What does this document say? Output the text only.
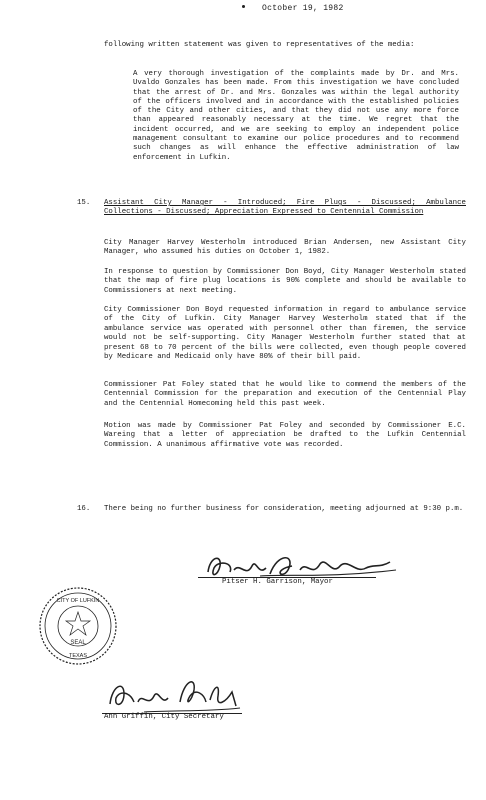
October 19, 1982
following written statement was given to representatives of the media:
A very thorough investigation of the complaints made by Dr. and Mrs. Uvaldo Gonzales has been made. From this investigation we have concluded that the arrest of Dr. and Mrs. Gonzales was within the legal authority of the officers involved and in accordance with the established policies of the City and other cities, and that they did not use any more force than appeared reasonably necessary at the time. We regret that the incident occurred, and we are seeking to employ an independent police management consultant to examine our police procedures and to recommend such changes as will enhance the effective administration of law enforcement in Lufkin.
15. Assistant City Manager - Introduced; Fire Plugs - Discussed; Ambulance Collections - Discussed; Appreciation Expressed to Centennial Commission
City Manager Harvey Westerholm introduced Brian Andersen, new Assistant City Manager, who assumed his duties on October 1, 1982.
In response to question by Commissioner Don Boyd, City Manager Westerholm stated that the map of fire plug locations is 90% complete and should be available to Commissioners at next meeting.
City Commissioner Don Boyd requested information in regard to ambulance service of the City of Lufkin. City Manager Harvey Westerholm stated that if the ambulance service was operated with personnel other than firemen, the service would not be self-supporting. City Manager Westerholm further stated that at present 68 to 70 percent of the bills were collected, even though people covered by Medicare and Medicaid only have 80% of their bill paid.
Commissioner Pat Foley stated that he would like to commend the members of the Centennial Commission for the preparation and execution of the Centennial Play and the Centennial Homecoming held this past week.
Motion was made by Commissioner Pat Foley and seconded by Commissioner E.C. Wareing that a letter of appreciation be drafted to the Lufkin Centennial Commission. A unanimous affirmative vote was recorded.
16. There being no further business for consideration, meeting adjourned at 9:30 p.m.
Pitser H. Garrison, Mayor
CITY OF LUFKIN
SEAL
TEXAS
Ann Griffin, City Secretary
